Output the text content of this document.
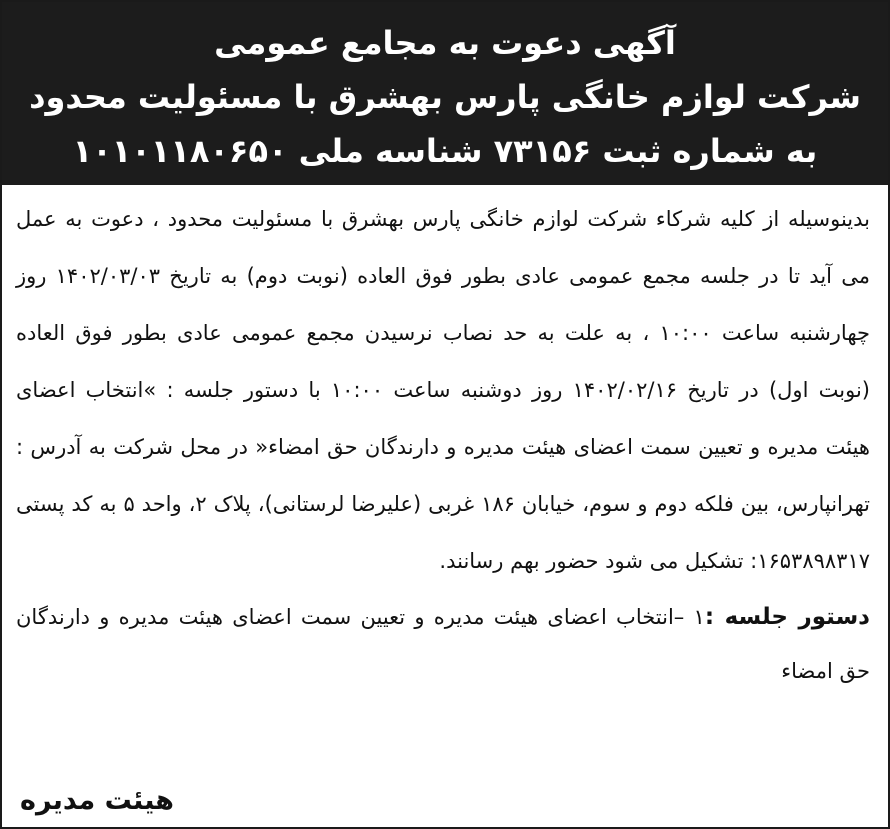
آگهی دعوت به مجامع عمومی

شرکت لوازم خانگی پارس بهشرق با مسئولیت محدود

به شماره ثبت ۷۳۱۵۶ شناسه ملی ۱۰۱۰۱۱۸۰۶۵۰

بدینوسیله از کلیه شرکاء شرکت لوازم خانگی پارس بهشرق با مسئولیت محدود ، دعوت به عمل می آید تا در جلسه مجمع عمومی عادی بطور فوق العاده (نوبت دوم) به تاریخ ۱۴۰۲/۰۳/۰۳ روز چهارشنبه ساعت ۱۰:۰۰ ، به علت به حد نصاب نرسیدن مجمع عمومی عادی بطور فوق العاده (نوبت اول) در تاریخ ۱۴۰۲/۰۲/۱۶ روز دوشنبه ساعت ۱۰:۰۰ با دستور جلسه : »انتخاب اعضای هیئت مدیره و تعیین سمت اعضای هیئت مدیره و دارندگان حق امضاء« در محل شرکت به آدرس : تهرانپارس، بین فلکه دوم و سوم، خیابان ۱۸۶ غربی (علیرضا لرستانی)، پلاک ۲، واحد ۵ به کد پستی ۱۶۵۳۸۹۸۳۱۷: تشکیل می شود حضور بهم رسانند.

دستور جلسه :۱ –انتخاب اعضای هیئت مدیره و تعیین سمت اعضای هیئت مدیره و دارندگان حق امضاء

هیئت مدیره
